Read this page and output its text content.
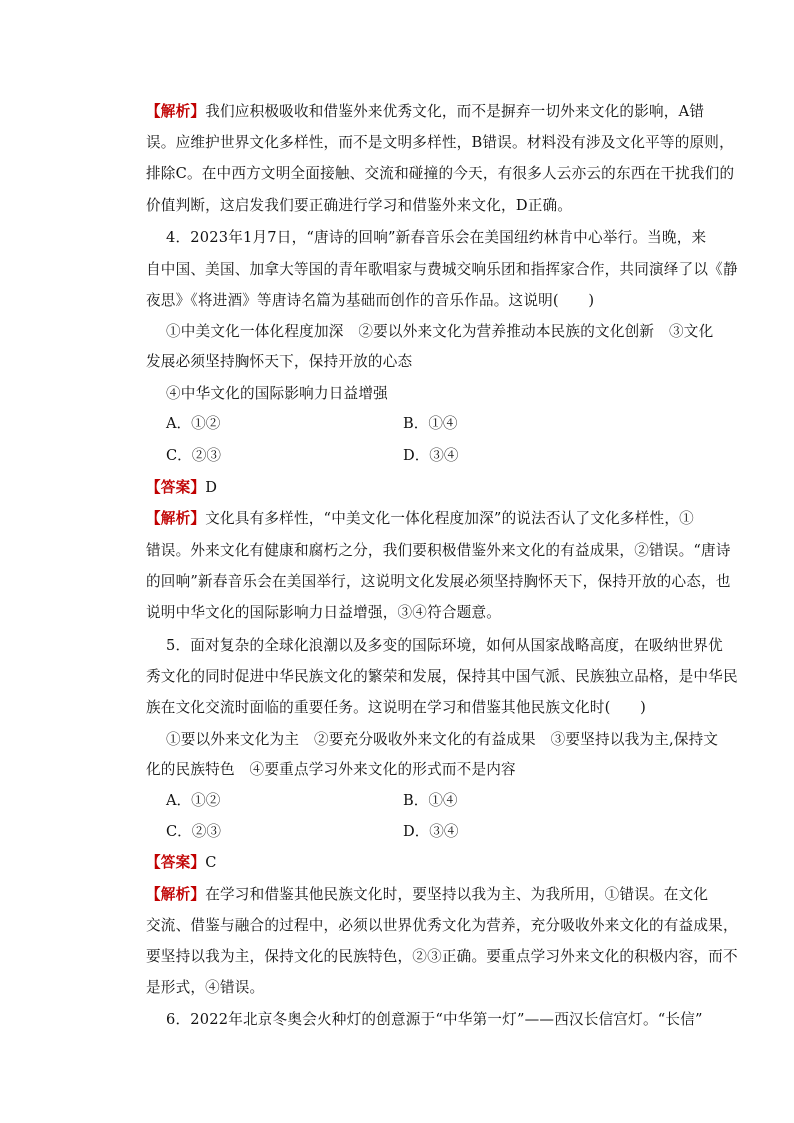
【解析】我们应积极吸收和借鉴外来优秀文化，而不是摒弃一切外来文化的影响，A错
误。应维护世界文化多样性，而不是文明多样性，B错误。材料没有涉及文化平等的原则，
排除C。在中西方文明全面接触、交流和碰撞的今天，有很多人云亦云的东西在干扰我们的
价值判断，这启发我们要正确进行学习和借鉴外来文化，D正确。
4．2023年1月7日，“唐诗的回响”新春音乐会在美国纽约林肯中心举行。当晚，来
自中国、美国、加拿大等国的青年歌唱家与费城交响乐团和指挥家合作，共同演绎了以《静
夜思》《将进酒》等唐诗名篇为基础而创作的音乐作品。这说明(　　)
①中美文化一体化程度加深　②要以外来文化为营养推动本民族的文化创新　③文化
发展必须坚持胸怀天下，保持开放的心态
④中华文化的国际影响力日益增强
A．①②	B．①④
C．②③	D．③④
【答案】D
【解析】文化具有多样性，“中美文化一体化程度加深”的说法否认了文化多样性，①
错误。外来文化有健康和腐朽之分，我们要积极借鉴外来文化的有益成果，②错误。“唐诗
的回响”新春音乐会在美国举行，这说明文化发展必须坚持胸怀天下，保持开放的心态，也
说明中华文化的国际影响力日益增强，③④符合题意。
5．面对复杂的全球化浪潮以及多变的国际环境，如何从国家战略高度，在吸纳世界优
秀文化的同时促进中华民族文化的繁荣和发展，保持其中国气派、民族独立品格，是中华民
族在文化交流时面临的重要任务。这说明在学习和借鉴其他民族文化时(　　)
①要以外来文化为主　②要充分吸收外来文化的有益成果　③要坚持以我为主,保持文
化的民族特色　④要重点学习外来文化的形式而不是内容
A．①②	B．①④
C．②③	D．③④
【答案】C
【解析】在学习和借鉴其他民族文化时，要坚持以我为主、为我所用，①错误。在文化
交流、借鉴与融合的过程中，必须以世界优秀文化为营养，充分吸收外来文化的有益成果，
要坚持以我为主，保持文化的民族特色，②③正确。要重点学习外来文化的积极内容，而不
是形式，④错误。
6．2022年北京冬奥会火种灯的创意源于“中华第一灯”——西汉长信宫灯。“长信”
